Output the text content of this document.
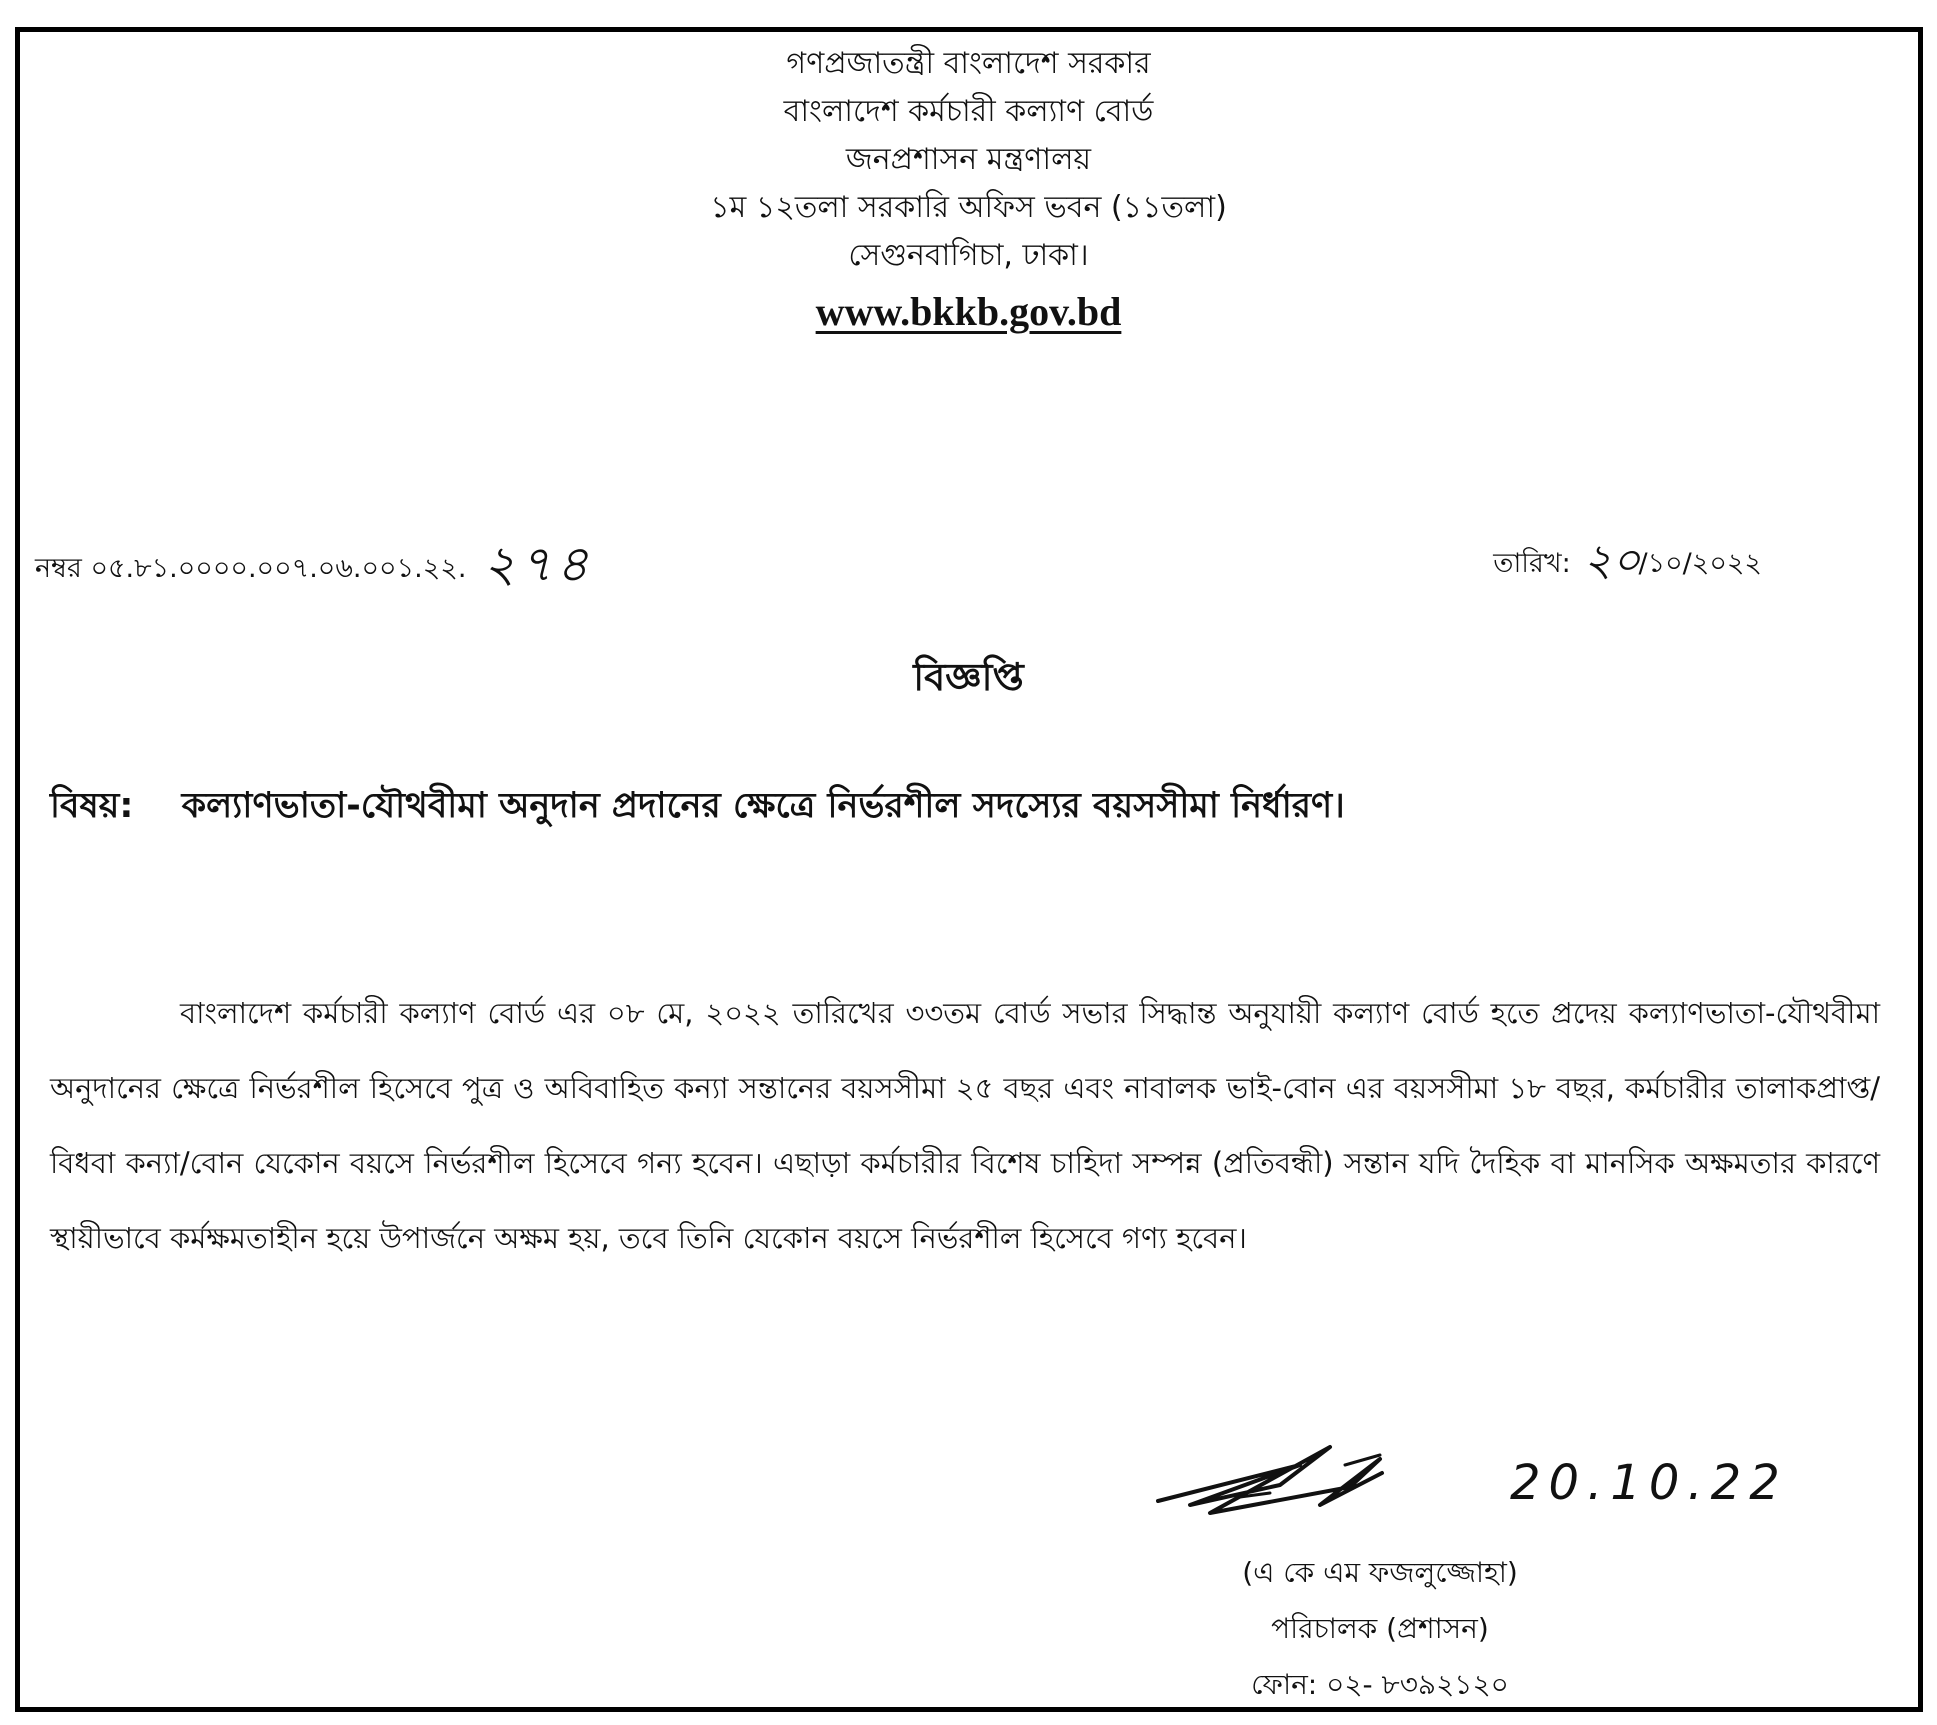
গণপ্রজাতন্ত্রী বাংলাদেশ সরকার
বাংলাদেশ কর্মচারী কল্যাণ বোর্ড
জনপ্রশাসন মন্ত্রণালয়
১ম ১২তলা সরকারি অফিস ভবন (১১তলা)
সেগুনবাগিচা, ঢাকা।
www.bkkb.gov.bd
নম্বর ০৫.৮১.০০০০.০০৭.০৬.০০১.২২. ২৭৪	তারিখ: ২০/১০/২০২২
বিজ্ঞপ্তি
বিষয়: কল্যাণভাতা-যৌথবীমা অনুদান প্রদানের ক্ষেত্রে নির্ভরশীল সদস্যের বয়সসীমা নির্ধারণ।
বাংলাদেশ কর্মচারী কল্যাণ বোর্ড এর ০৮ মে, ২০২২ তারিখের ৩৩তম বোর্ড সভার সিদ্ধান্ত অনুযায়ী কল্যাণ বোর্ড হতে প্রদেয় কল্যাণভাতা-যৌথবীমা অনুদানের ক্ষেত্রে নির্ভরশীল হিসেবে পুত্র ও অবিবাহিত কন্যা সন্তানের বয়সসীমা ২৫ বছর এবং নাবালক ভাই-বোন এর বয়সসীমা ১৮ বছর, কর্মচারীর তালাকপ্রাপ্ত/বিধবা কন্যা/বোন যেকোন বয়সে নির্ভরশীল হিসেবে গন্য হবেন। এছাড়া কর্মচারীর বিশেষ চাহিদা সম্পন্ন (প্রতিবন্ধী) সন্তান যদি দৈহিক বা মানসিক অক্ষমতার কারণে স্থায়ীভাবে কর্মক্ষমতাহীন হয়ে উপার্জনে অক্ষম হয়, তবে তিনি যেকোন বয়সে নির্ভরশীল হিসেবে গণ্য হবেন।
20.10.22
(এ কে এম ফজলুজ্জোহা)
পরিচালক (প্রশাসন)
ফোন: ০২- ৮৩৯২১২০
